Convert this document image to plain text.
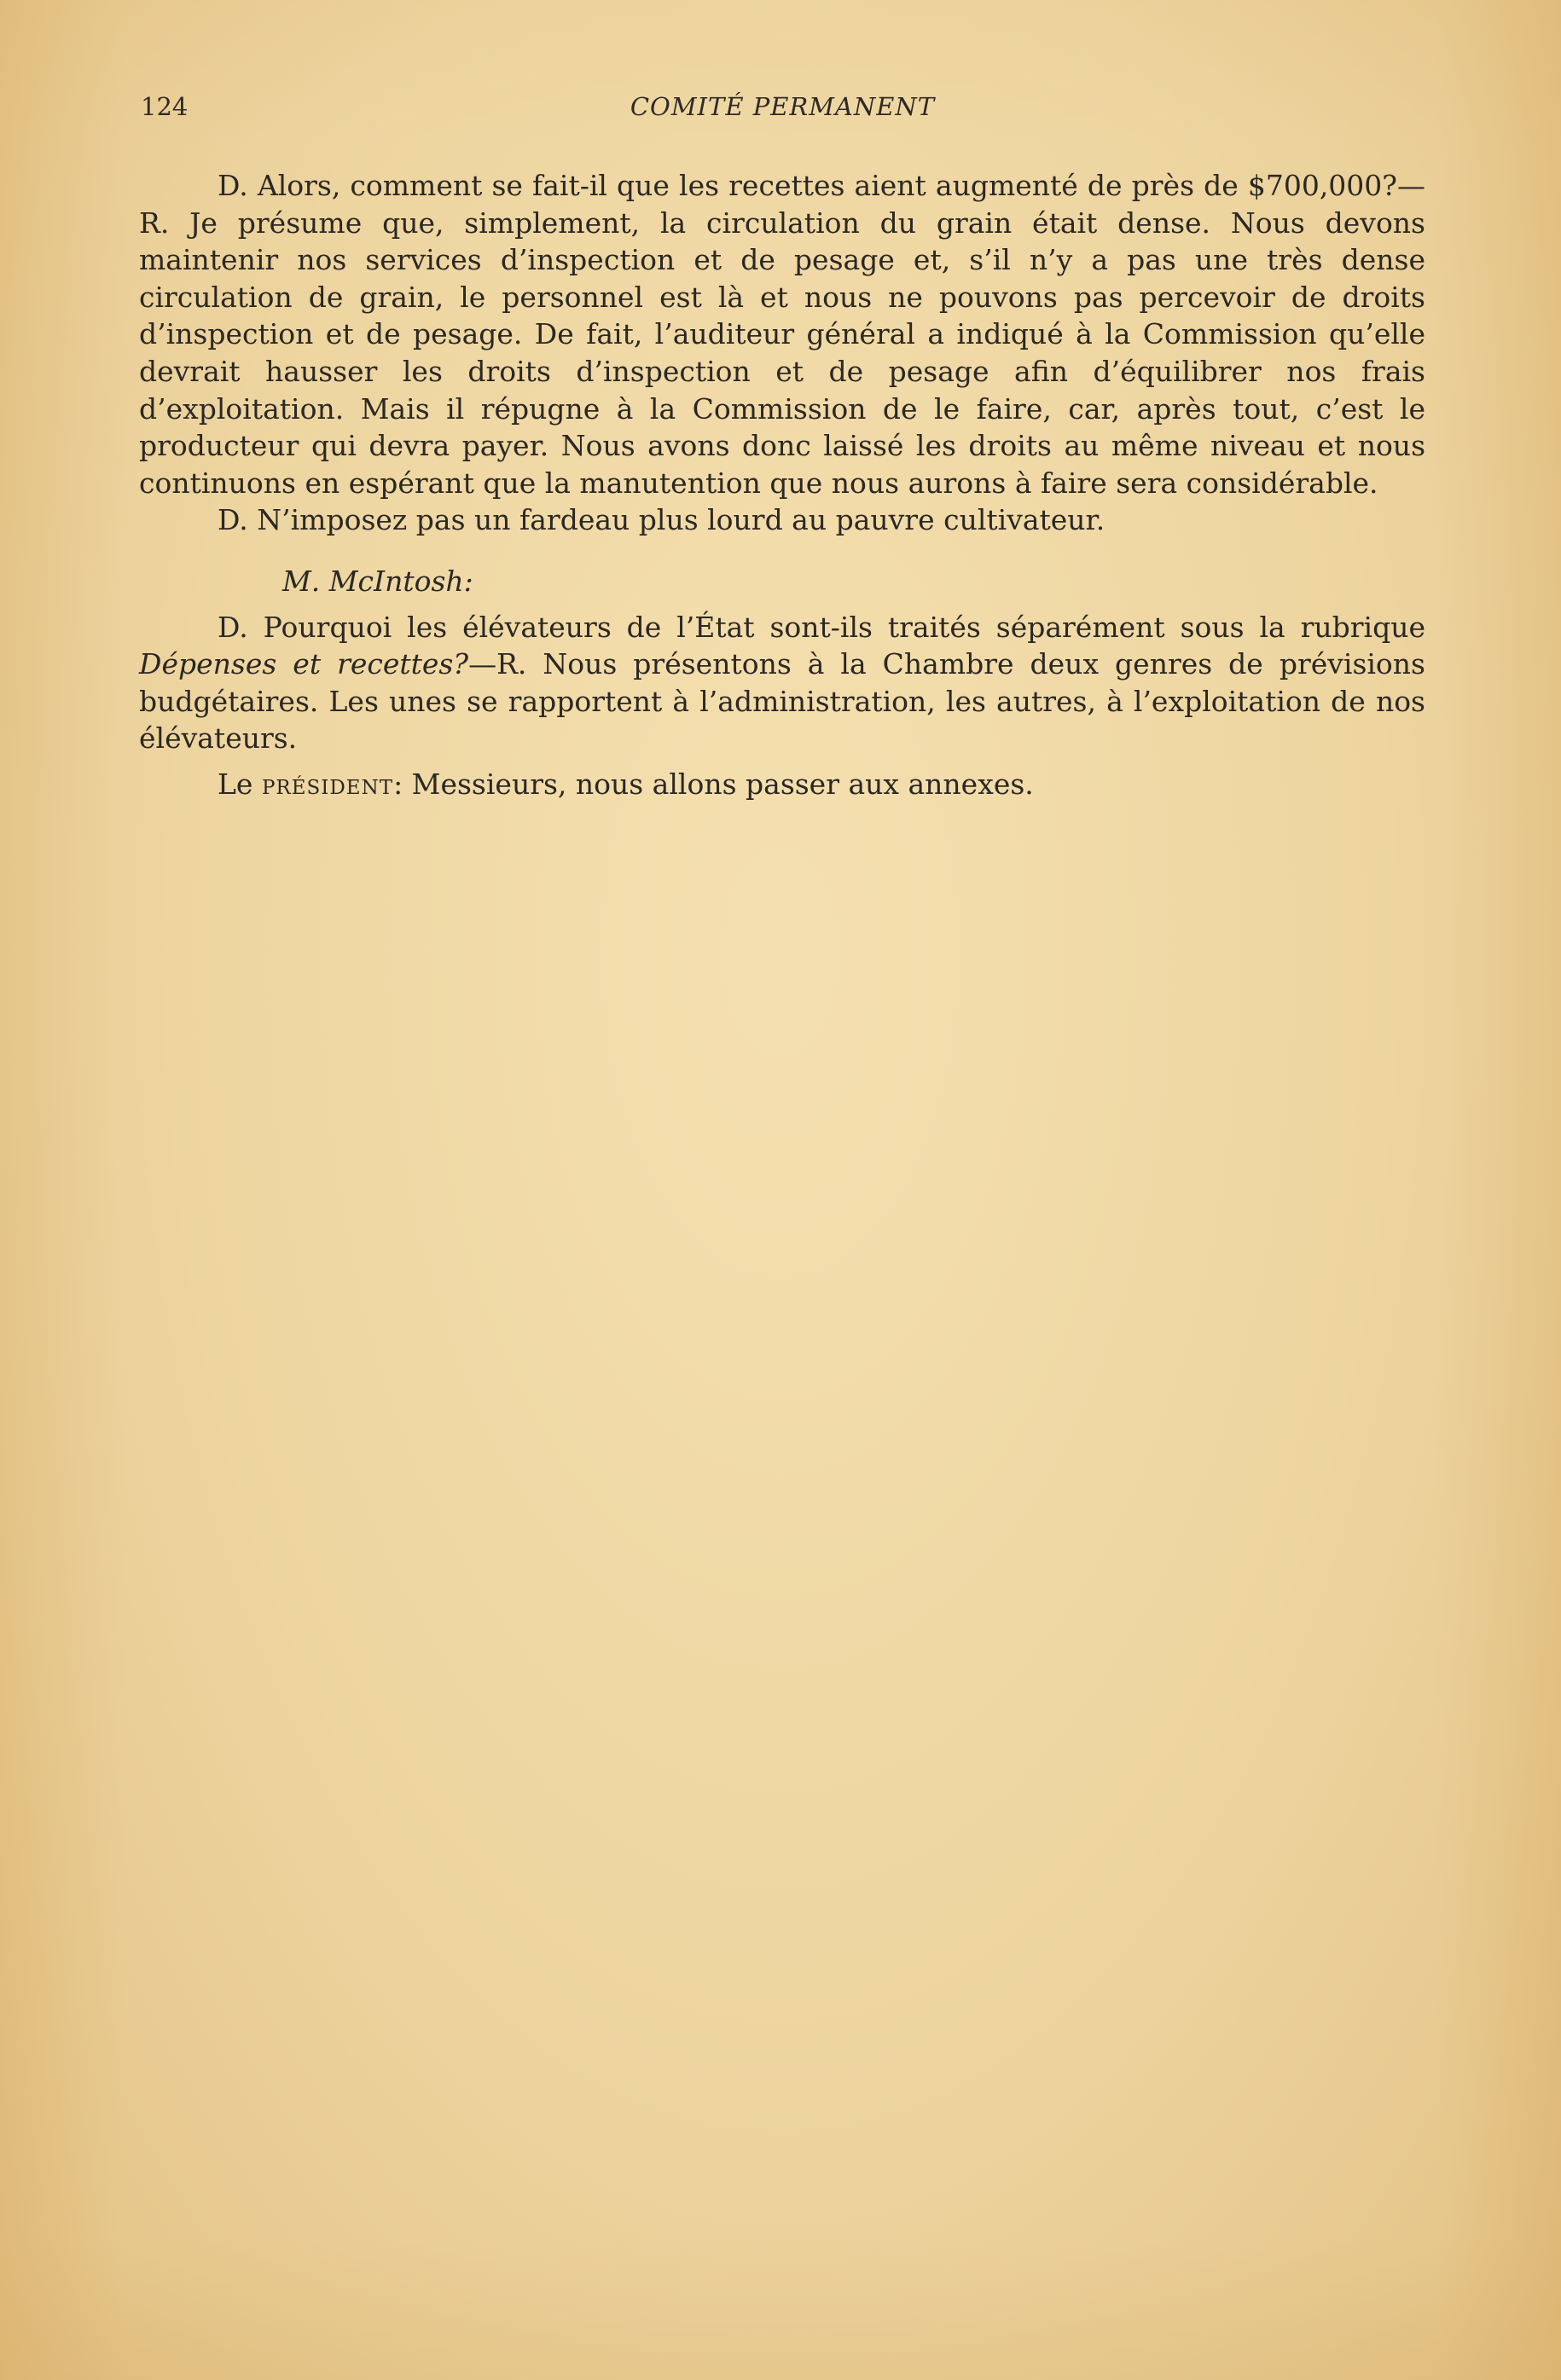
124	COMITÉ PERMANENT

D. Alors, comment se fait-il que les recettes aient augmenté de près de $700,000?—R. Je présume que, simplement, la circulation du grain était dense. Nous devons maintenir nos services d’inspection et de pesage et, s’il n’y a pas une très dense circulation de grain, le personnel est là et nous ne pouvons pas percevoir de droits d’inspection et de pesage. De fait, l’auditeur général a indiqué à la Commission qu’elle devrait hausser les droits d’inspection et de pesage afin d’équilibrer nos frais d’exploitation. Mais il répugne à la Commission de le faire, car, après tout, c’est le producteur qui devra payer. Nous avons donc laissé les droits au même niveau et nous continuons en espérant que la manutention que nous aurons à faire sera considérable.

D. N’imposez pas un fardeau plus lourd au pauvre cultivateur.

M. McIntosh:

D. Pourquoi les élévateurs de l’État sont-ils traités séparément sous la rubrique Dépenses et recettes?—R. Nous présentons à la Chambre deux genres de prévisions budgétaires. Les unes se rapportent à l’administration, les autres, à l’exploitation de nos élévateurs.

Le président: Messieurs, nous allons passer aux annexes.
